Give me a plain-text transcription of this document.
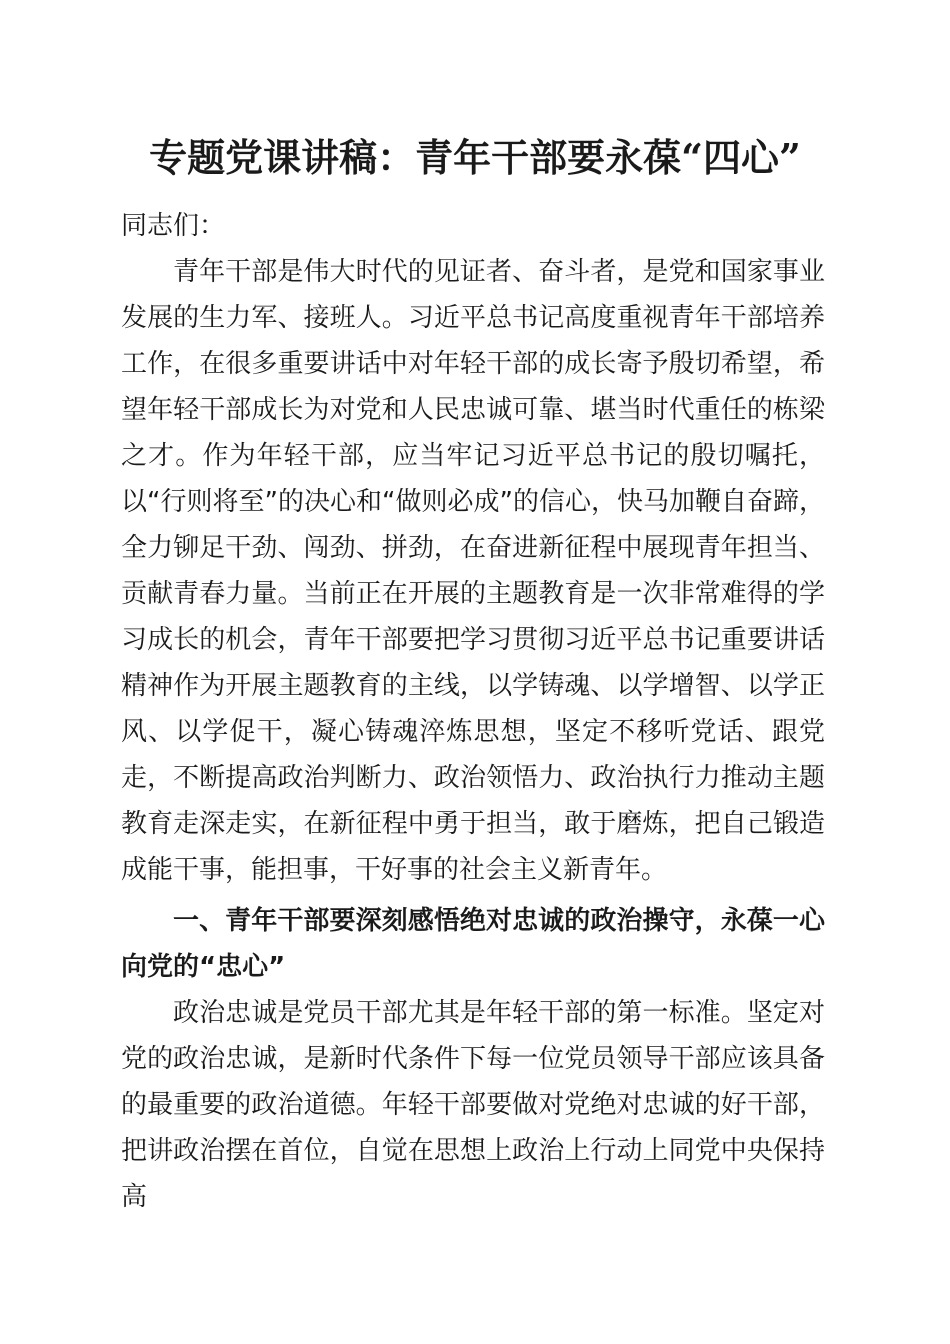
专题党课讲稿：青年干部要永葆“四心”

同志们：

青年干部是伟大时代的见证者、奋斗者，是党和国家事业发展的生力军、接班人。习近平总书记高度重视青年干部培养工作，在很多重要讲话中对年轻干部的成长寄予殷切希望，希望年轻干部成长为对党和人民忠诚可靠、堪当时代重任的栋梁之才。作为年轻干部，应当牢记习近平总书记的殷切嘱托，以“行则将至”的决心和“做则必成”的信心，快马加鞭自奋蹄，全力铆足干劲、闯劲、拼劲，在奋进新征程中展现青年担当、贡献青春力量。当前正在开展的主题教育是一次非常难得的学习成长的机会，青年干部要把学习贯彻习近平总书记重要讲话精神作为开展主题教育的主线，以学铸魂、以学增智、以学正风、以学促干，凝心铸魂淬炼思想，坚定不移听党话、跟党走，不断提高政治判断力、政治领悟力、政治执行力推动主题教育走深走实，在新征程中勇于担当，敢于磨炼，把自己锻造成能干事，能担事，干好事的社会主义新青年。

一、青年干部要深刻感悟绝对忠诚的政治操守，永葆一心向党的“忠心”

政治忠诚是党员干部尤其是年轻干部的第一标准。坚定对党的政治忠诚，是新时代条件下每一位党员领导干部应该具备的最重要的政治道德。年轻干部要做对党绝对忠诚的好干部，把讲政治摆在首位，自觉在思想上政治上行动上同党中央保持高
